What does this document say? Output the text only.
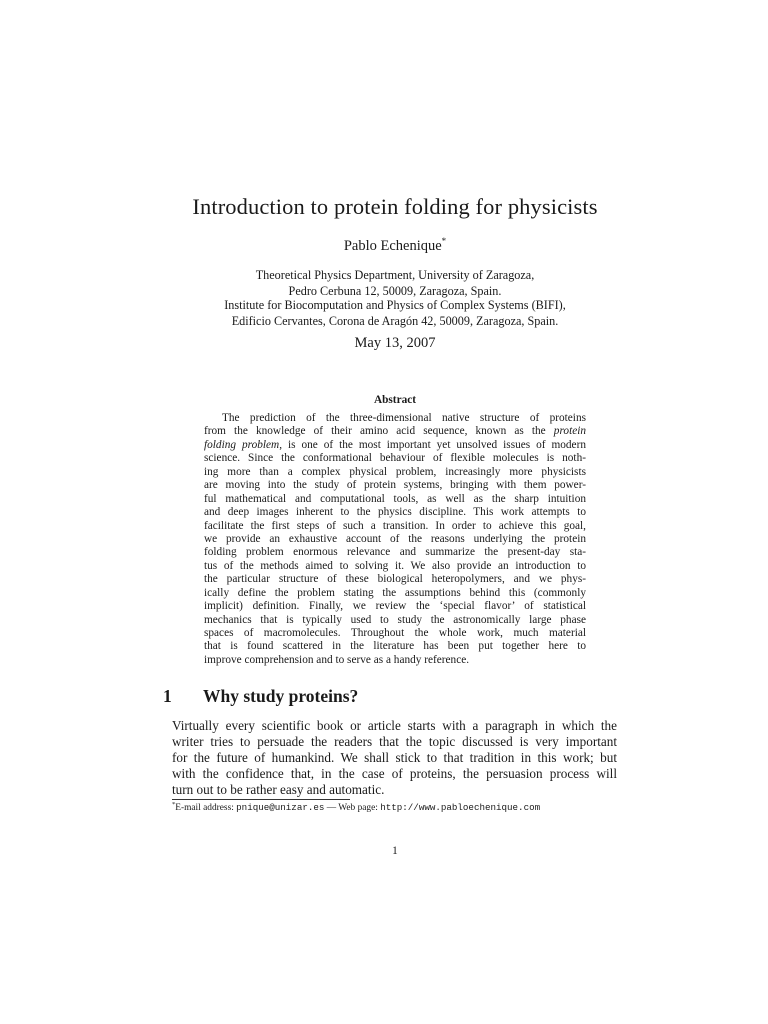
Introduction to protein folding for physicists
Pablo Echenique*
Theoretical Physics Department, University of Zaragoza,
Pedro Cerbuna 12, 50009, Zaragoza, Spain.
Institute for Biocomputation and Physics of Complex Systems (BIFI),
Edificio Cervantes, Corona de Aragón 42, 50009, Zaragoza, Spain.
May 13, 2007
Abstract
The prediction of the three-dimensional native structure of proteins
from the knowledge of their amino acid sequence, known as the protein
folding problem, is one of the most important yet unsolved issues of modern
science. Since the conformational behaviour of flexible molecules is noth-
ing more than a complex physical problem, increasingly more physicists
are moving into the study of protein systems, bringing with them power-
ful mathematical and computational tools, as well as the sharp intuition
and deep images inherent to the physics discipline. This work attempts to
facilitate the first steps of such a transition. In order to achieve this goal,
we provide an exhaustive account of the reasons underlying the protein
folding problem enormous relevance and summarize the present-day sta-
tus of the methods aimed to solving it. We also provide an introduction to
the particular structure of these biological heteropolymers, and we phys-
ically define the problem stating the assumptions behind this (commonly
implicit) definition. Finally, we review the ‘special flavor’ of statistical
mechanics that is typically used to study the astronomically large phase
spaces of macromolecules. Throughout the whole work, much material
that is found scattered in the literature has been put together here to
improve comprehension and to serve as a handy reference.
1 Why study proteins?
Virtually every scientific book or article starts with a paragraph in which the
writer tries to persuade the readers that the topic discussed is very important
for the future of humankind. We shall stick to that tradition in this work; but
with the confidence that, in the case of proteins, the persuasion process will
turn out to be rather easy and automatic.
*E-mail address: pnique@unizar.es — Web page: http://www.pabloechenique.com
1
